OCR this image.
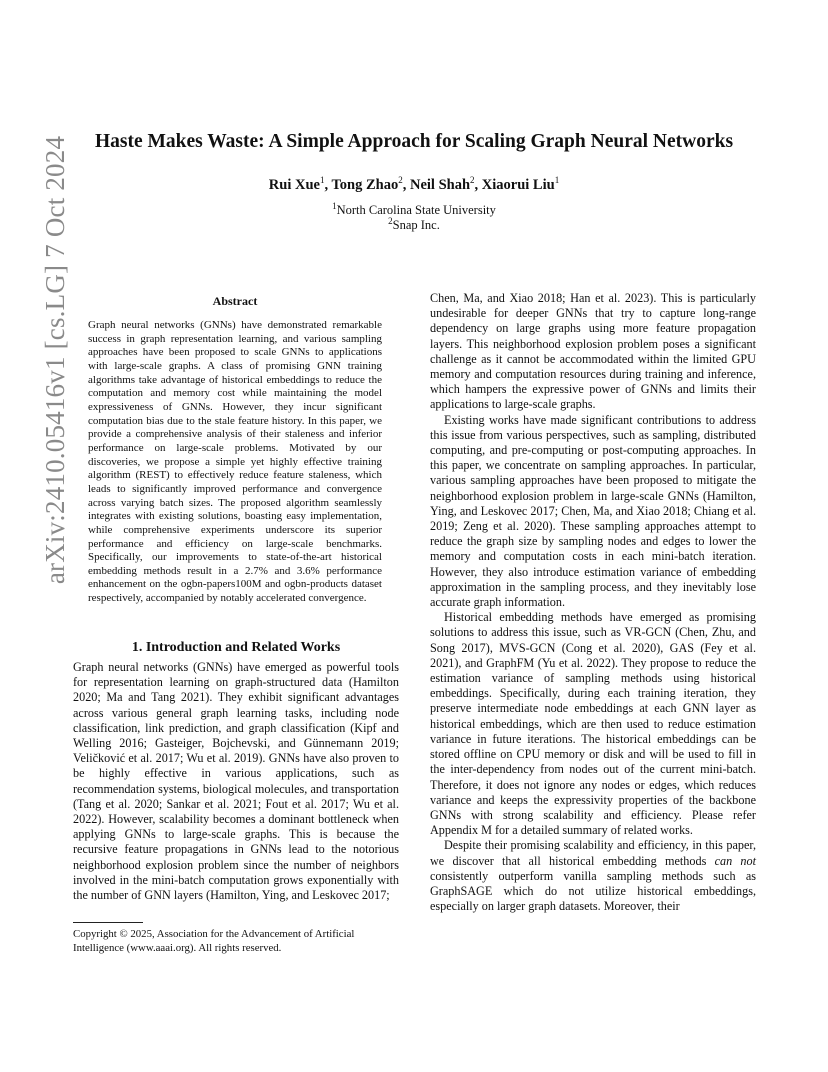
arXiv:2410.05416v1 [cs.LG] 7 Oct 2024	Haste Makes Waste: A Simple Approach for Scaling Graph Neural Networks
Rui Xue$^1$, Tong Zhao$^2$, Neil Shah$^2$, Xiaorui Liu$^1$
$^1$North Carolina State University
$^2$Snap Inc.
Abstract
Graph neural networks (GNNs) have demonstrated remarkable success in graph representation learning, and various sampling approaches have been proposed to scale GNNs to applications with large-scale graphs. A class of promising GNN training algorithms take advantage of historical embeddings to reduce the computation and memory cost while maintaining the model expressiveness of GNNs. However, they incur significant computation bias due to the stale feature history. In this paper, we provide a comprehensive analysis of their staleness and inferior performance on large-scale problems. Motivated by our discoveries, we propose a simple yet highly effective training algorithm (REST) to effectively reduce feature staleness, which leads to significantly improved performance and convergence across varying batch sizes. The proposed algorithm seamlessly integrates with existing solutions, boasting easy implementation, while comprehensive experiments underscore its superior performance and efficiency on large-scale benchmarks. Specifically, our improvements to state-of-the-art historical embedding methods result in a 2.7% and 3.6% performance enhancement on the ogbn-papers100M and ogbn-products dataset respectively, accompanied by notably accelerated convergence.
1. Introduction and Related Works
Graph neural networks (GNNs) have emerged as powerful tools for representation learning on graph-structured data (Hamilton 2020; Ma and Tang 2021). They exhibit significant advantages across various general graph learning tasks, including node classification, link prediction, and graph classification (Kipf and Welling 2016; Gasteiger, Bojchevski, and Günnemann 2019; Veličković et al. 2017; Wu et al. 2019). GNNs have also proven to be highly effective in various applications, such as recommendation systems, biological molecules, and transportation (Tang et al. 2020; Sankar et al. 2021; Fout et al. 2017; Wu et al. 2022). However, scalability becomes a dominant bottleneck when applying GNNs to large-scale graphs. This is because the recursive feature propagations in GNNs lead to the notorious neighborhood explosion problem since the number of neighbors involved in the mini-batch computation grows exponentially with the number of GNN layers (Hamilton, Ying, and Leskovec 2017;
Copyright © 2025, Association for the Advancement of Artificial Intelligence (www.aaai.org). All rights reserved.

Chen, Ma, and Xiao 2018; Han et al. 2023). This is particularly undesirable for deeper GNNs that try to capture long-range dependency on large graphs using more feature propagation layers. This neighborhood explosion problem poses a significant challenge as it cannot be accommodated within the limited GPU memory and computation resources during training and inference, which hampers the expressive power of GNNs and limits their applications to large-scale graphs.

Existing works have made significant contributions to address this issue from various perspectives, such as sampling, distributed computing, and pre-computing or post-computing approaches. In this paper, we concentrate on sampling approaches. In particular, various sampling approaches have been proposed to mitigate the neighborhood explosion problem in large-scale GNNs (Hamilton, Ying, and Leskovec 2017; Chen, Ma, and Xiao 2018; Chiang et al. 2019; Zeng et al. 2020). These sampling approaches attempt to reduce the graph size by sampling nodes and edges to lower the memory and computation costs in each mini-batch iteration. However, they also introduce estimation variance of embedding approximation in the sampling process, and they inevitably lose accurate graph information.

Historical embedding methods have emerged as promising solutions to address this issue, such as VR-GCN (Chen, Zhu, and Song 2017), MVS-GCN (Cong et al. 2020), GAS (Fey et al. 2021), and GraphFM (Yu et al. 2022). They propose to reduce the estimation variance of sampling methods using historical embeddings. Specifically, during each training iteration, they preserve intermediate node embeddings at each GNN layer as historical embeddings, which are then used to reduce estimation variance in future iterations. The historical embeddings can be stored offline on CPU memory or disk and will be used to fill in the inter-dependency from nodes out of the current mini-batch. Therefore, it does not ignore any nodes or edges, which reduces variance and keeps the expressivity properties of the backbone GNNs with strong scalability and efficiency. Please refer Appendix M for a detailed summary of related works.

Despite their promising scalability and efficiency, in this paper, we discover that all historical embedding methods can not consistently outperform vanilla sampling methods such as GraphSAGE which do not utilize historical embeddings, especially on larger graph datasets. Moreover, their
